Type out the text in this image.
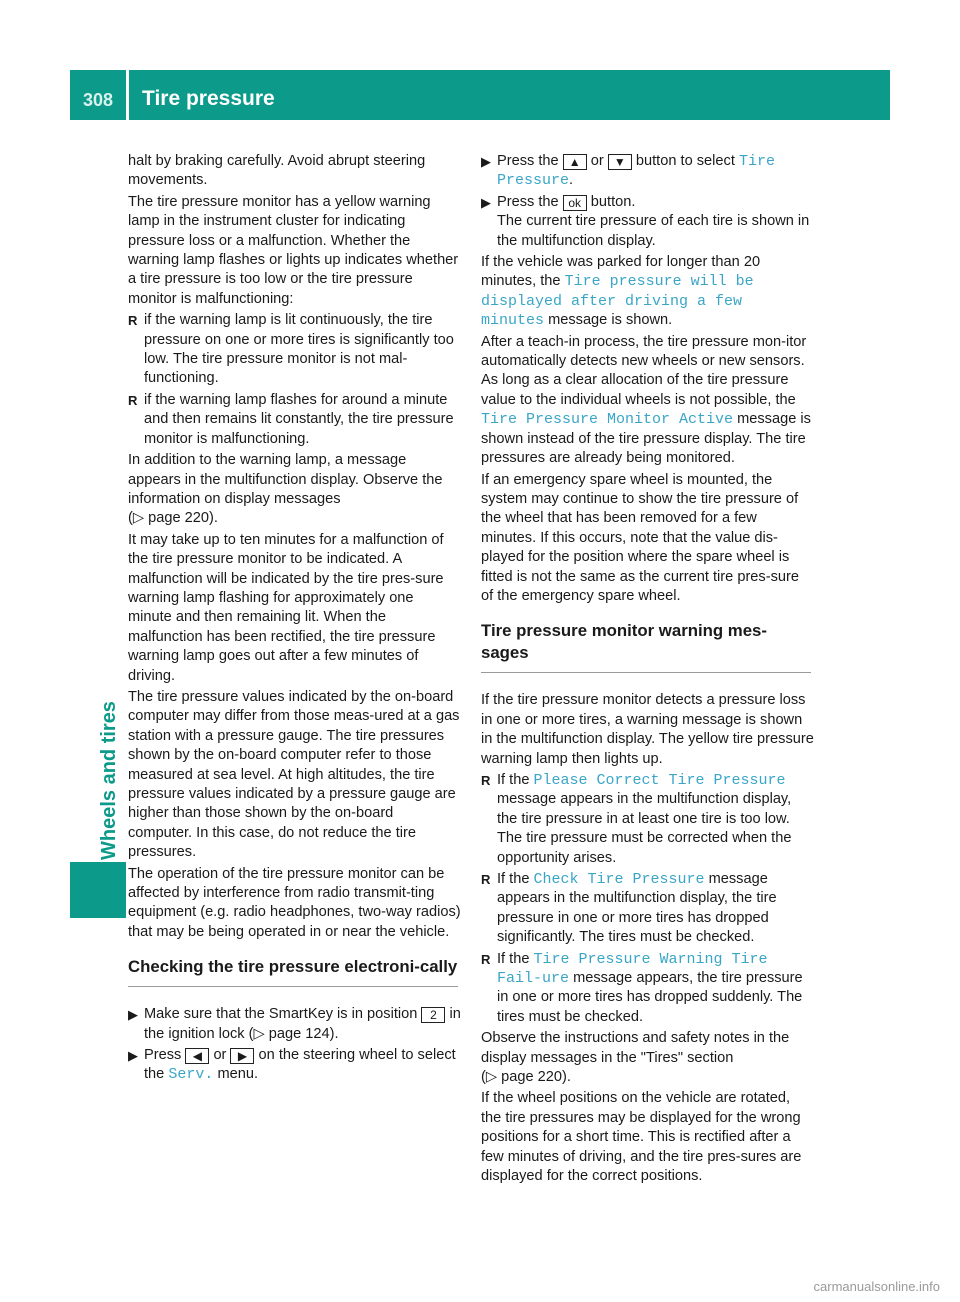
308	Tire pressure
Wheels and tires

halt by braking carefully. Avoid abrupt steering movements.

The tire pressure monitor has a yellow warning lamp in the instrument cluster for indicating pressure loss or a malfunction. Whether the warning lamp flashes or lights up indicates whether a tire pressure is too low or the tire pressure monitor is malfunctioning:

R if the warning lamp is lit continuously, the tire pressure on one or more tires is significantly too low. The tire pressure monitor is not mal-functioning.
R if the warning lamp flashes for around a minute and then remains lit constantly, the tire pressure monitor is malfunctioning.

In addition to the warning lamp, a message appears in the multifunction display. Observe the information on display messages
(▷ page 220).

It may take up to ten minutes for a malfunction of the tire pressure monitor to be indicated. A malfunction will be indicated by the tire pres-sure warning lamp flashing for approximately one minute and then remaining lit. When the malfunction has been rectified, the tire pressure warning lamp goes out after a few minutes of driving.

The tire pressure values indicated by the on-board computer may differ from those meas-ured at a gas station with a pressure gauge. The tire pressures shown by the on-board computer refer to those measured at sea level. At high altitudes, the tire pressure values indicated by a pressure gauge are higher than those shown by the on-board computer. In this case, do not reduce the tire pressures.

The operation of the tire pressure monitor can be affected by interference from radio transmit-ting equipment (e.g. radio headphones, two-way radios) that may be being operated in or near the vehicle.

Checking the tire pressure electroni-cally
▶ Make sure that the SmartKey is in position 2 in the ignition lock (▷ page 124).
▶ Press ◀ or ▶ on the steering wheel to select the Serv. menu.
▶ Press the ▲ or ▼ button to select Tire Pressure.
▶ Press the ok button.
The current tire pressure of each tire is shown in the multifunction display.

If the vehicle was parked for longer than 20 minutes, the Tire pressure will be displayed after driving a few minutes message is shown.

After a teach-in process, the tire pressure mon-itor automatically detects new wheels or new sensors. As long as a clear allocation of the tire pressure value to the individual wheels is not possible, the Tire Pressure Monitor Active message is shown instead of the tire pressure display. The tire pressures are already being monitored.

If an emergency spare wheel is mounted, the system may continue to show the tire pressure of the wheel that has been removed for a few minutes. If this occurs, note that the value dis-played for the position where the spare wheel is fitted is not the same as the current tire pres-sure of the emergency spare wheel.

Tire pressure monitor warning mes-sages

If the tire pressure monitor detects a pressure loss in one or more tires, a warning message is shown in the multifunction display. The yellow tire pressure warning lamp then lights up.

R If the Please Correct Tire Pressure message appears in the multifunction display, the tire pressure in at least one tire is too low. The tire pressure must be corrected when the opportunity arises.
R If the Check Tire Pressure message appears in the multifunction display, the tire pressure in one or more tires has dropped significantly. The tires must be checked.
R If the Tire Pressure Warning Tire Fail-ure message appears, the tire pressure in one or more tires has dropped suddenly. The tires must be checked.

Observe the instructions and safety notes in the display messages in the "Tires" section
(▷ page 220).

If the wheel positions on the vehicle are rotated, the tire pressures may be displayed for the wrong positions for a short time. This is rectified after a few minutes of driving, and the tire pres-sures are displayed for the correct positions.

carmanualsonline.info
